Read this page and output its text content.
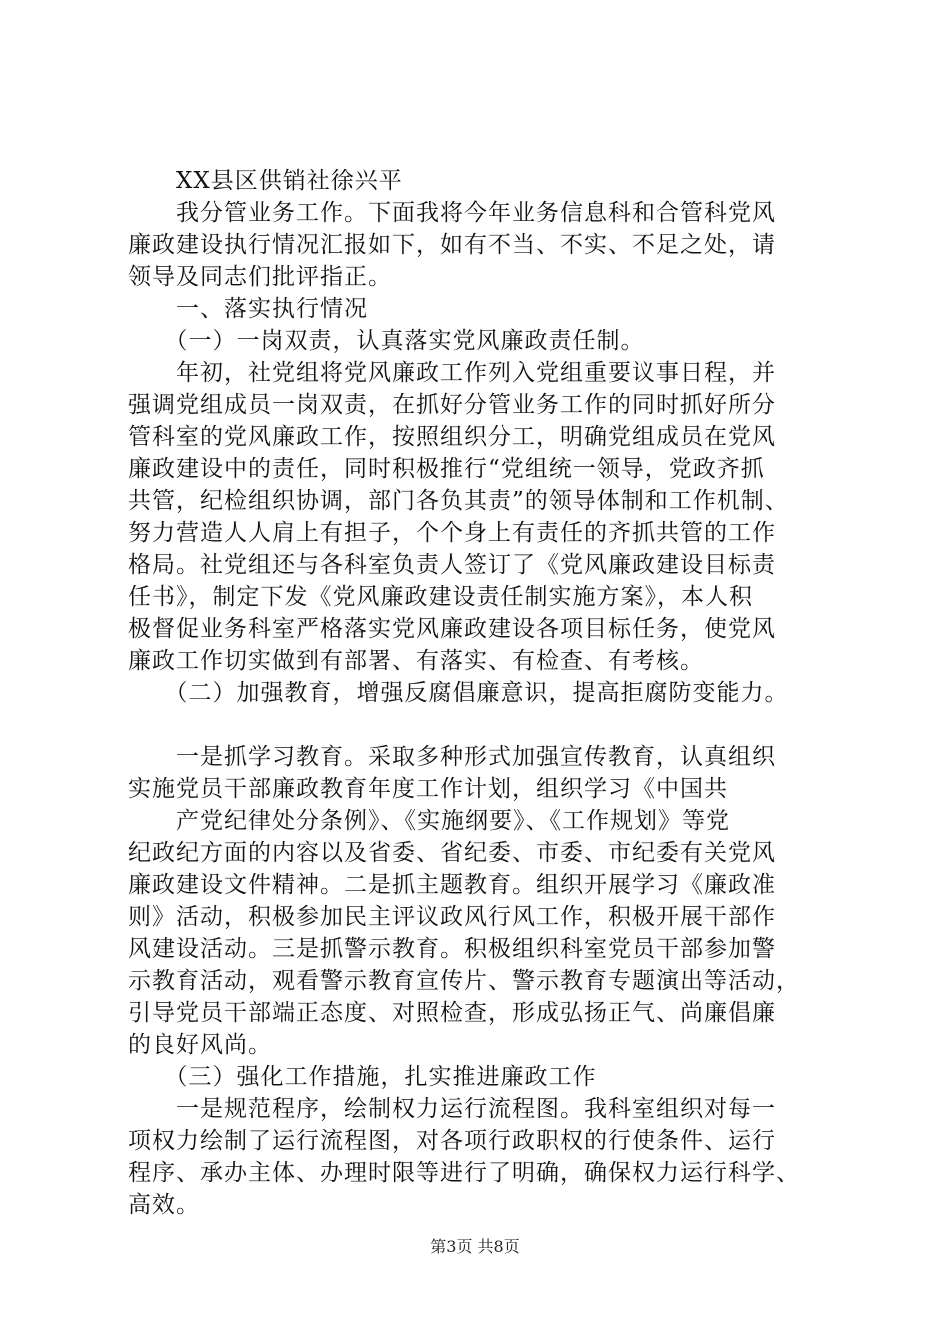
　　XX县区供销社徐兴平
　　我分管业务工作。下面我将今年业务信息科和合管科党风
廉政建设执行情况汇报如下，如有不当、不实、不足之处，请
领导及同志们批评指正。
　　一、落实执行情况
　　（一）一岗双责，认真落实党风廉政责任制。
　　年初，社党组将党风廉政工作列入党组重要议事日程，并
强调党组成员一岗双责，在抓好分管业务工作的同时抓好所分
管科室的党风廉政工作，按照组织分工，明确党组成员在党风
廉政建设中的责任，同时积极推行“党组统一领导，党政齐抓
共管，纪检组织协调，部门各负其责”的领导体制和工作机制、
努力营造人人肩上有担子，个个身上有责任的齐抓共管的工作
格局。社党组还与各科室负责人签订了《党风廉政建设目标责
任书》，制定下发《党风廉政建设责任制实施方案》，本人积
极督促业务科室严格落实党风廉政建设各项目标任务，使党风
廉政工作切实做到有部署、有落实、有检查、有考核。
　　（二）加强教育，增强反腐倡廉意识，提高拒腐防变能力。
　　一是抓学习教育。采取多种形式加强宣传教育，认真组织
实施党员干部廉政教育年度工作计划，组织学习《中国共
　　产党纪律处分条例》、《实施纲要》、《工作规划》等党
纪政纪方面的内容以及省委、省纪委、市委、市纪委有关党风
廉政建设文件精神。二是抓主题教育。组织开展学习《廉政准
则》活动，积极参加民主评议政风行风工作，积极开展干部作
风建设活动。三是抓警示教育。积极组织科室党员干部参加警
示教育活动，观看警示教育宣传片、警示教育专题演出等活动，
引导党员干部端正态度、对照检查，形成弘扬正气、尚廉倡廉
的良好风尚。
　　（三）强化工作措施，扎实推进廉政工作
　　一是规范程序，绘制权力运行流程图。我科室组织对每一
项权力绘制了运行流程图，对各项行政职权的行使条件、运行
程序、承办主体、办理时限等进行了明确，确保权力运行科学、
高效。
第3页 共8页
